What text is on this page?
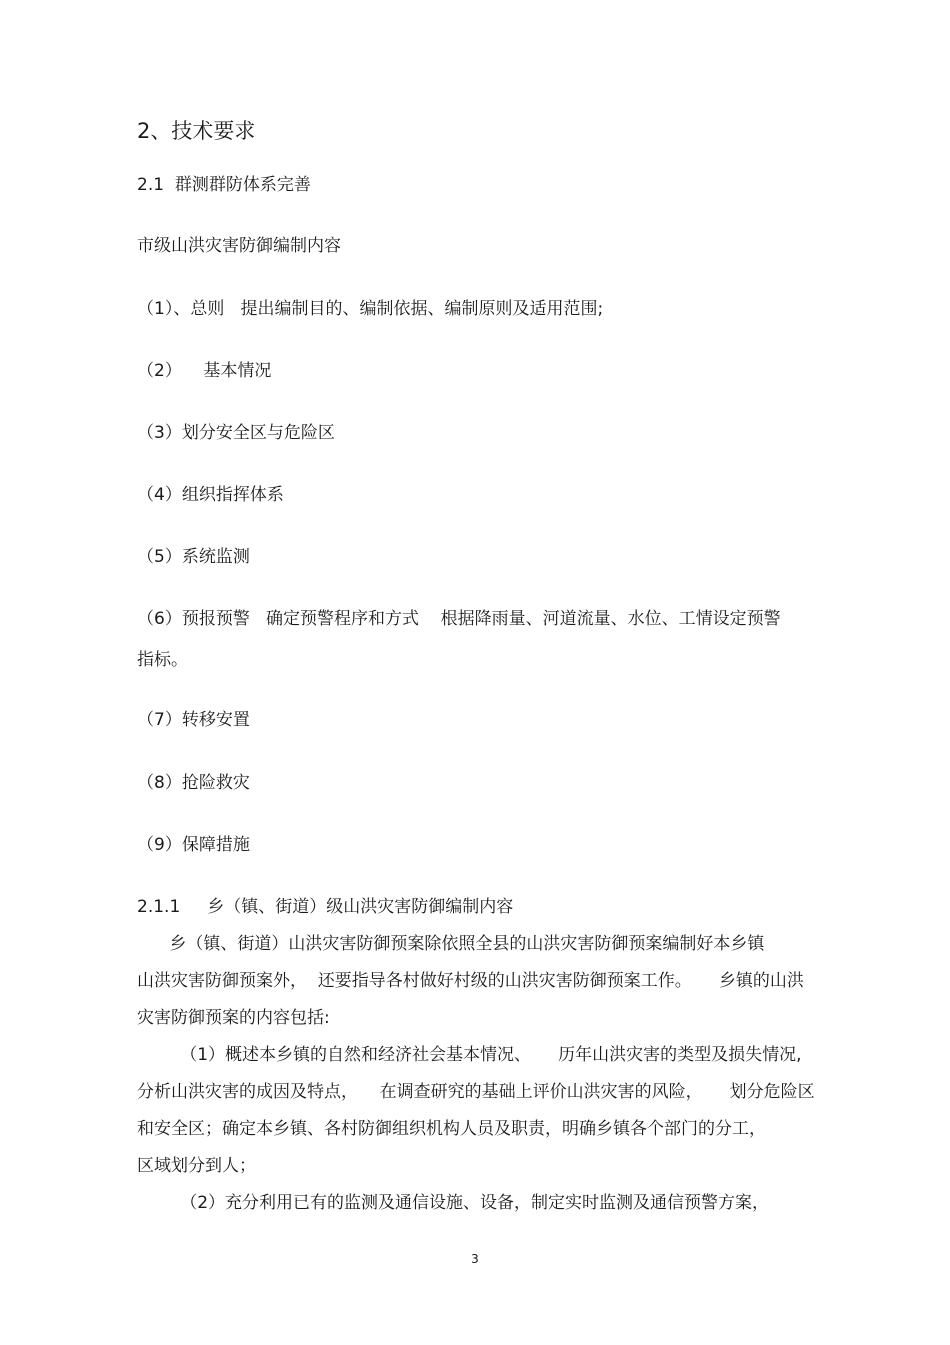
2、技术要求
2.1  群测群防体系完善
市级山洪灾害防御编制内容
（1）、总则   提出编制目的、编制依据、编制原则及适用范围;
（2）    基本情况
（3）划分安全区与危险区
（4）组织指挥体系
（5）系统监测
（6）预报预警   确定预警程序和方式    根据降雨量、河道流量、水位、工情设定预警
指标。
（7）转移安置
（8）抢险救灾
（9）保障措施
2.1.1     乡（镇、街道）级山洪灾害防御编制内容
乡（镇、街道）山洪灾害防御预案除依照全县的山洪灾害防御预案编制好本乡镇
山洪灾害防御预案外，  还要指导各村做好村级的山洪灾害防御预案工作。     乡镇的山洪
灾害防御预案的内容包括:
（1）概述本乡镇的自然和经济社会基本情况、     历年山洪灾害的类型及损失情况,
分析山洪灾害的成因及特点，    在调查研究的基础上评价山洪灾害的风险，     划分危险区
和安全区；确定本乡镇、各村防御组织机构人员及职责，明确乡镇各个部门的分工，
区域划分到人；
（2）充分利用已有的监测及通信设施、设备，制定实时监测及通信预警方案，
3
